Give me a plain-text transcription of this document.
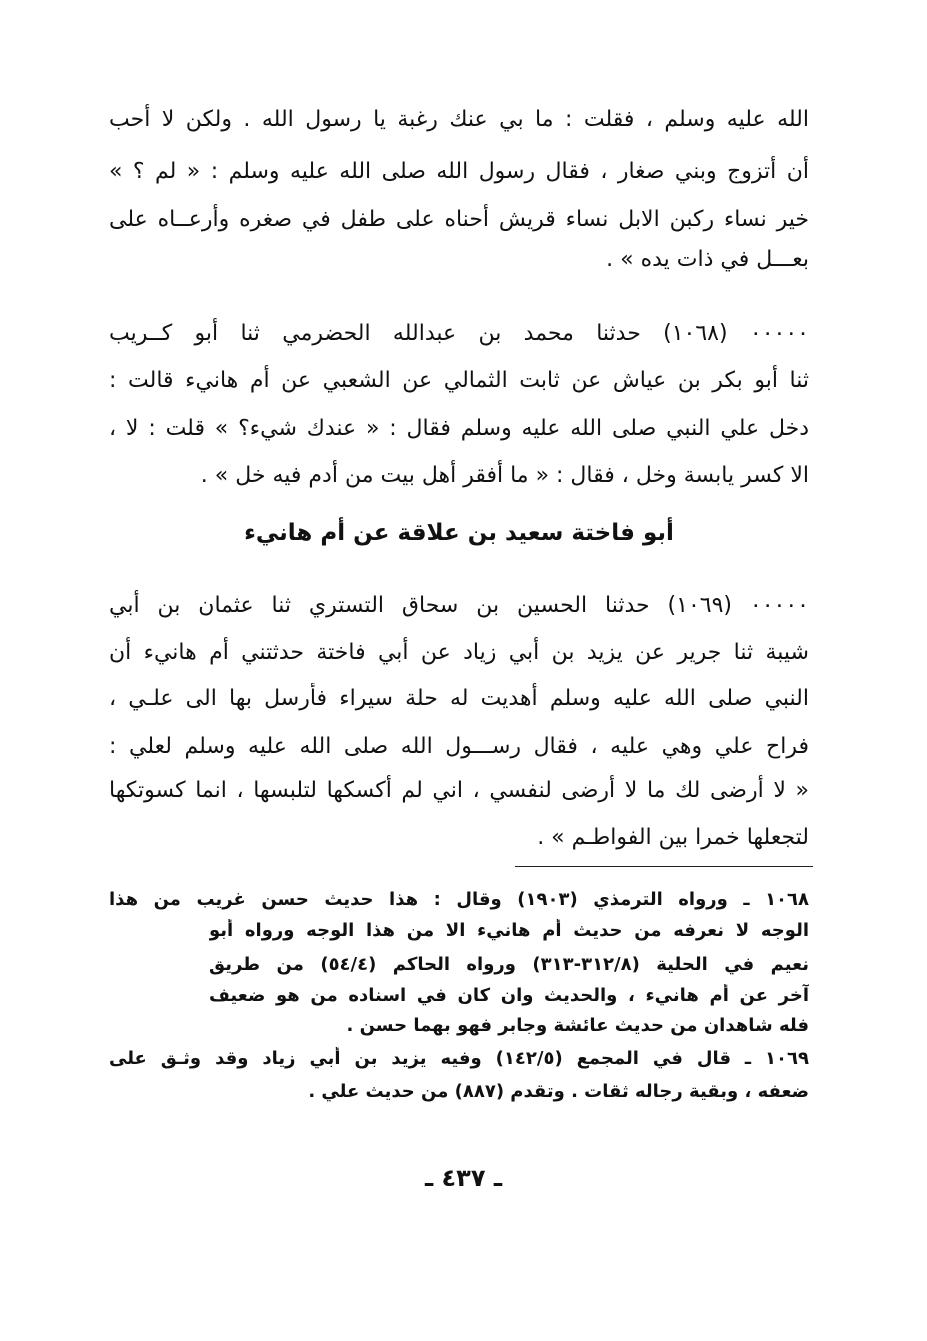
الله عليه وسلم ، فقلت : ما بي عنك رغبة يا رسول الله . ولكن لا أحب
أن أتزوج وبني صغار ، فقال رسول الله صلى الله عليه وسلم : « لم ؟ »
خير نساء ركبن الابل نساء قريش أحناه على طفل في صغره وأرعــاه على
بعـــل في ذات يده » .
٠٠٠٠٠ (١٠٦٨) حدثنا محمد بن عبدالله الحضرمي ثنا أبو كــريب
ثنا أبو بكر بن عياش عن ثابت الثمالي عن الشعبي عن أم هانيء قالت :
دخل علي النبي صلى الله عليه وسلم فقال : « عندك شيء؟ » قلت : لا ،
الا كسر يابسة وخل ، فقال : « ما أفقر أهل بيت من أدم فيه خل » .
أبو فاختة سعيد بن علاقة عن أم هانيء
٠٠٠٠٠ (١٠٦٩) حدثنا الحسين بن سحاق التستري ثنا عثمان بن أبي
شيبة ثنا جرير عن يزيد بن أبي زياد عن أبي فاختة حدثتني أم هانيء أن
النبي صلى الله عليه وسلم أهديت له حلة سيراء فأرسل بها الى علـي ،
فراح علي وهي عليه ، فقال رســـول الله صلى الله عليه وسلم لعلي :
« لا أرضى لك ما لا أرضى لنفسي ، اني لم أكسكها لتلبسها ، انما كسوتكها
لتجعلها خمرا بين الفواطـم » .
١٠٦٨ ـ ورواه الترمذي (١٩٠٣) وقال : هذا حديث حسن غريب من هذا
الوجه لا نعرفه من حديث أم هانيء الا من هذا الوجه ورواه أبو
نعيم في الحلية (٣١٢/٨-٣١٣) ورواه الحاكم (٥٤/٤) من طريق
آخر عن أم هانيء ، والحديث وان كان في اسناده من هو ضعيف
فله شاهدان من حديث عائشة وجابر فهو بهما حسن .
١٠٦٩ ـ قال في المجمع (١٤٢/٥) وفيه يزيد بن أبي زياد وقد وثـق على
ضعفه ، وبقية رجاله ثقات . وتقدم (٨٨٧) من حديث علي .
ـ ٤٣٧ ـ
